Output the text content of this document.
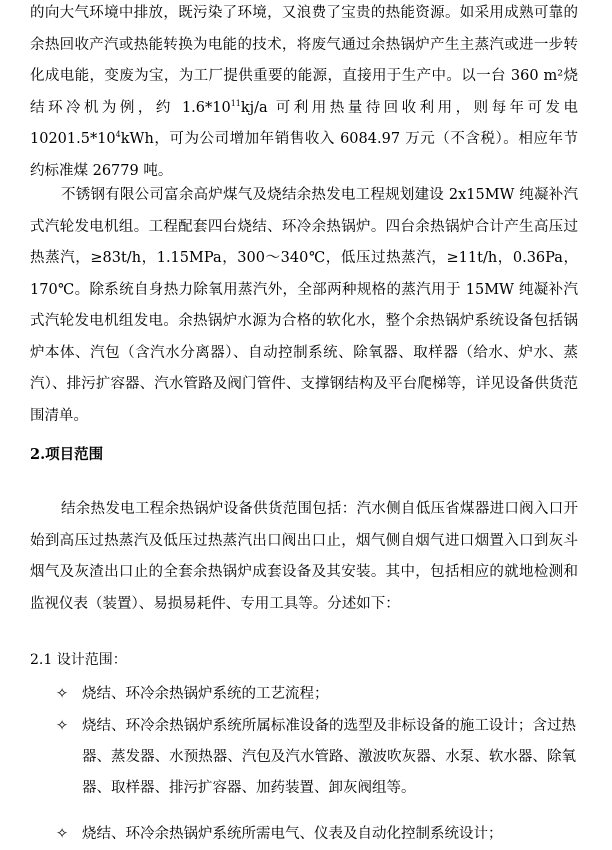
的向大气环境中排放，既污染了环境，又浪费了宝贵的热能资源。如采用成熟可靠的余热回收产汽或热能转换为电能的技术，将废气通过余热锅炉产生主蒸汽或进一步转化成电能，变废为宝，为工厂提供重要的能源，直接用于生产中。以一台 360 m²烧结环冷机为例，约 $1.6*10^{11}kj/a$ 可利用热量待回收利用，则每年可发电 $10201.5*10^4kWh$，可为公司增加年销售收入 6084.97 万元（不含税）。相应年节约标准煤 26779 吨。

不锈钢有限公司富余高炉煤气及烧结余热发电工程规划建设 2x15MW 纯凝补汽式汽轮发电机组。工程配套四台烧结、环冷余热锅炉。四台余热锅炉合计产生高压过热蒸汽，≥83t/h，1.15MPa，300～340℃，低压过热蒸汽，≥11t/h，0.36Pa，170℃。除系统自身热力除氧用蒸汽外，全部两种规格的蒸汽用于 15MW 纯凝补汽式汽轮发电机组发电。余热锅炉水源为合格的软化水，整个余热锅炉系统设备包括锅炉本体、汽包（含汽水分离器）、自动控制系统、除氧器、取样器（给水、炉水、蒸汽）、排污扩容器、汽水管路及阀门管件、支撑钢结构及平台爬梯等，详见设备供货范围清单。

2.项目范围

结余热发电工程余热锅炉设备供货范围包括：汽水侧自低压省煤器进口阀入口开始到高压过热蒸汽及低压过热蒸汽出口阀出口止，烟气侧自烟气进口烟置入口到灰斗烟气及灰渣出口止的全套余热锅炉成套设备及其安装。其中，包括相应的就地检测和监视仪表（装置）、易损易耗件、专用工具等。分述如下：

2.1 设计范围：

✧ 烧结、环冷余热锅炉系统的工艺流程；
✧ 烧结、环冷余热锅炉系统所属标准设备的选型及非标设备的施工设计；含过热器、蒸发器、水预热器、汽包及汽水管路、激波吹灰器、水泵、软水器、除氧器、取样器、排污扩容器、加药装置、卸灰阀组等。
✧ 烧结、环冷余热锅炉系统所需电气、仪表及自动化控制系统设计；
